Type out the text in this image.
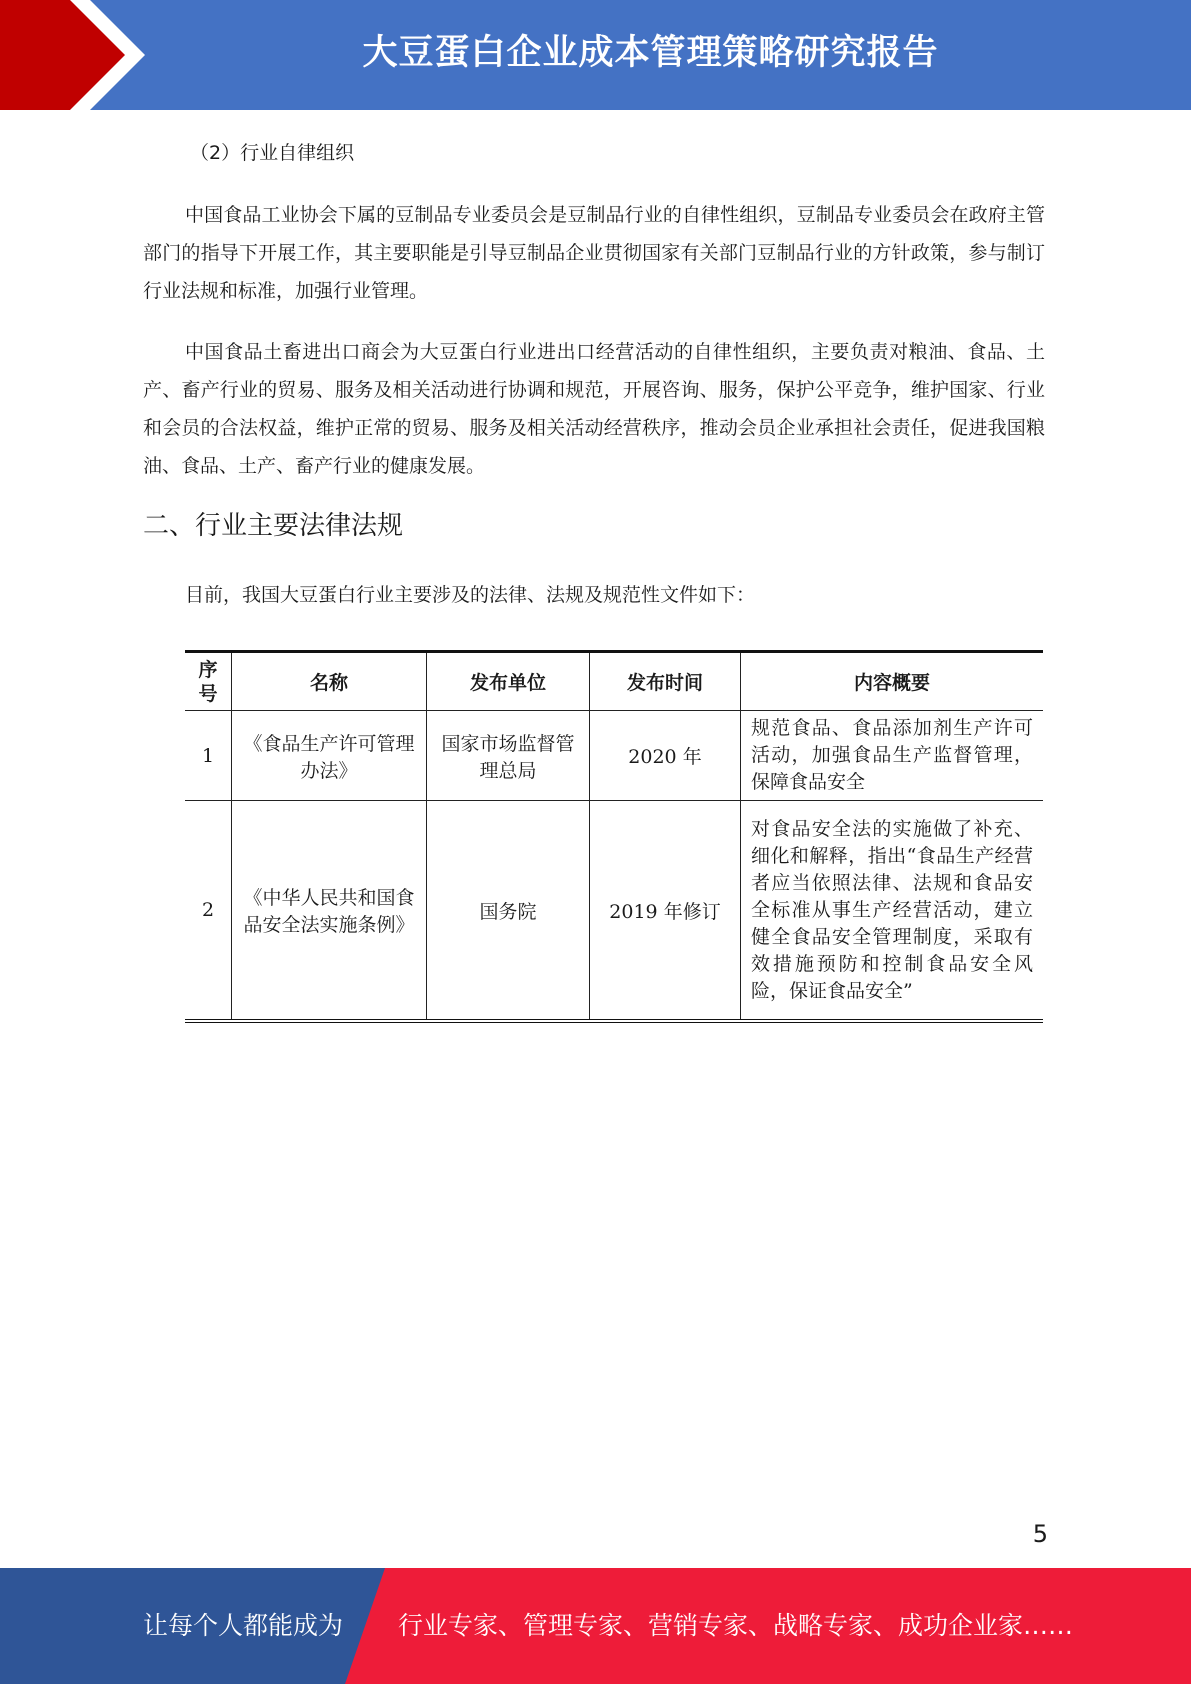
大豆蛋白企业成本管理策略研究报告
（2）行业自律组织

中国食品工业协会下属的豆制品专业委员会是豆制品行业的自律性组织，豆制品专业委员会在政府主管部门的指导下开展工作，其主要职能是引导豆制品企业贯彻国家有关部门豆制品行业的方针政策，参与制订行业法规和标准，加强行业管理。

中国食品土畜进出口商会为大豆蛋白行业进出口经营活动的自律性组织，主要负责对粮油、食品、土产、畜产行业的贸易、服务及相关活动进行协调和规范，开展咨询、服务，保护公平竞争，维护国家、行业和会员的合法权益，维护正常的贸易、服务及相关活动经营秩序，推动会员企业承担社会责任，促进我国粮油、食品、土产、畜产行业的健康发展。

二、行业主要法律法规

目前，我国大豆蛋白行业主要涉及的法律、法规及规范性文件如下：

序号	名称	发布单位	发布时间	内容概要
1	《食品生产许可管理办法》	国家市场监督管理总局	2020 年	规范食品、食品添加剂生产许可活动，加强食品生产监督管理，保障食品安全
2	《中华人民共和国食品安全法实施条例》	国务院	2019 年修订	对食品安全法的实施做了补充、细化和解释，指出“食品生产经营者应当依照法律、法规和食品安全标准从事生产经营活动，建立健全食品安全管理制度，采取有效措施预防和控制食品安全风险，保证食品安全”
5
让每个人都能成为 行业专家、管理专家、营销专家、战略专家、成功企业家……
